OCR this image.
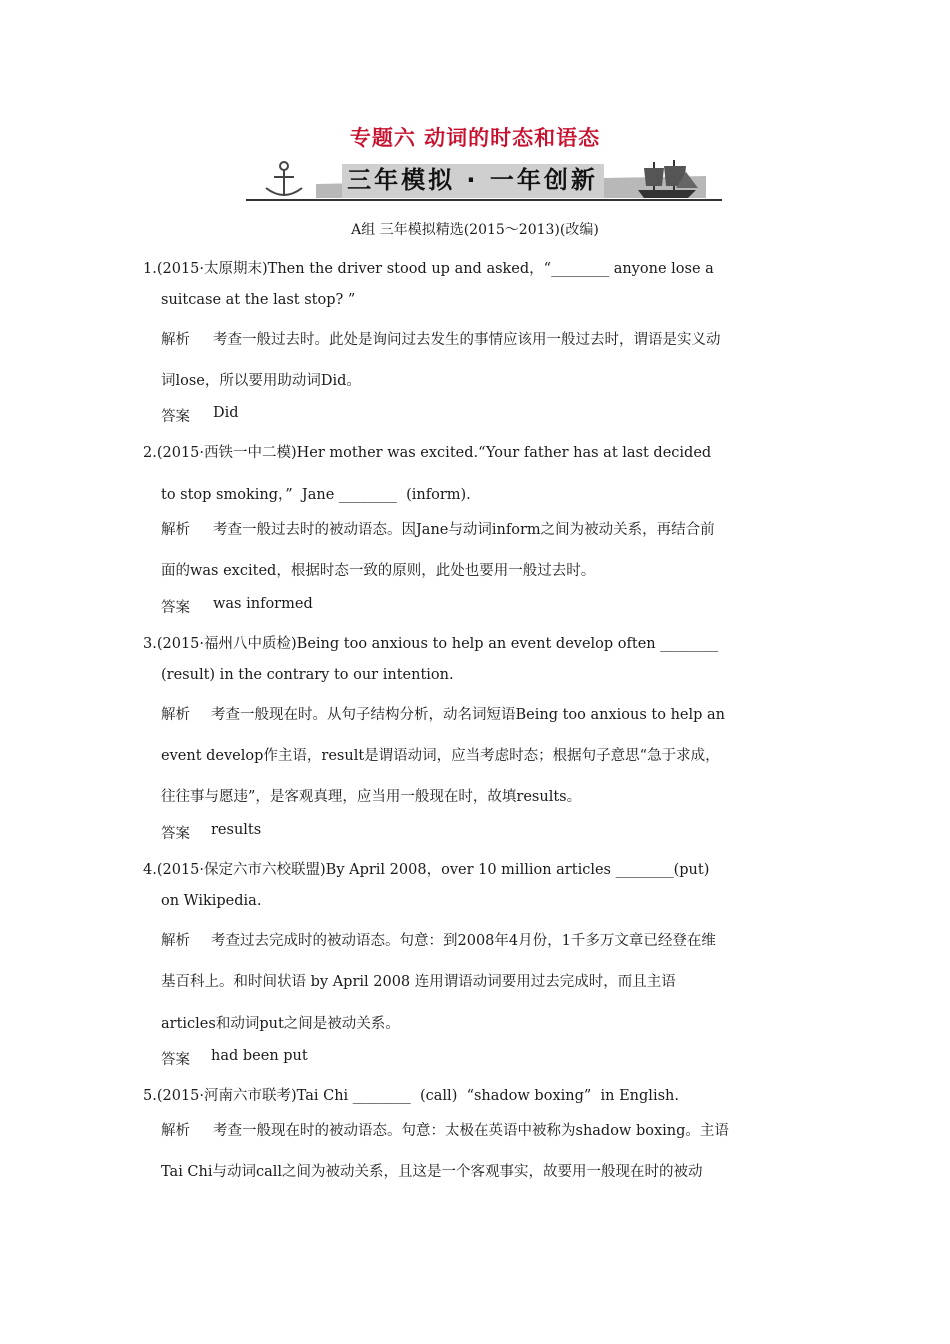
专题六 动词的时态和语态
三年模拟 · 一年创新
A组 三年模拟精选(2015～2013)(改编)
1.(2015·太原期末)Then the driver stood up and asked，“________ anyone lose a
suitcase at the last stop? ”
解析 考查一般过去时。此处是询问过去发生的事情应该用一般过去时，谓语是实义动
词lose，所以要用助动词Did。
答案 Did
2.(2015·西铁一中二模)Her mother was excited.“Your father has at last decided
to stop smoking，”  Jane ________  (inform).
解析 考查一般过去时的被动语态。因Jane与动词inform之间为被动关系，再结合前
面的was excited，根据时态一致的原则，此处也要用一般过去时。
答案 was informed
3.(2015·福州八中质检)Being too anxious to help an event develop often ________
(result) in the contrary to our intention.
解析 考查一般现在时。从句子结构分析，动名词短语Being too anxious to help an
event develop作主语，result是谓语动词，应当考虑时态；根据句子意思“急于求成，
往往事与愿违”，是客观真理，应当用一般现在时，故填results。
答案 results
4.(2015·保定六市六校联盟)By April 2008，over 10 million articles ________(put)
on Wikipedia.
解析 考查过去完成时的被动语态。句意：到2008年4月份，1千多万文章已经登在维
基百科上。和时间状语 by April 2008 连用谓语动词要用过去完成时，而且主语
articles和动词put之间是被动关系。
答案 had been put
5.(2015·河南六市联考)Tai Chi ________  (call)  “shadow boxing”  in English.
解析 考查一般现在时的被动语态。句意：太极在英语中被称为shadow boxing。主语
Tai Chi与动词call之间为被动关系，且这是一个客观事实，故要用一般现在时的被动
